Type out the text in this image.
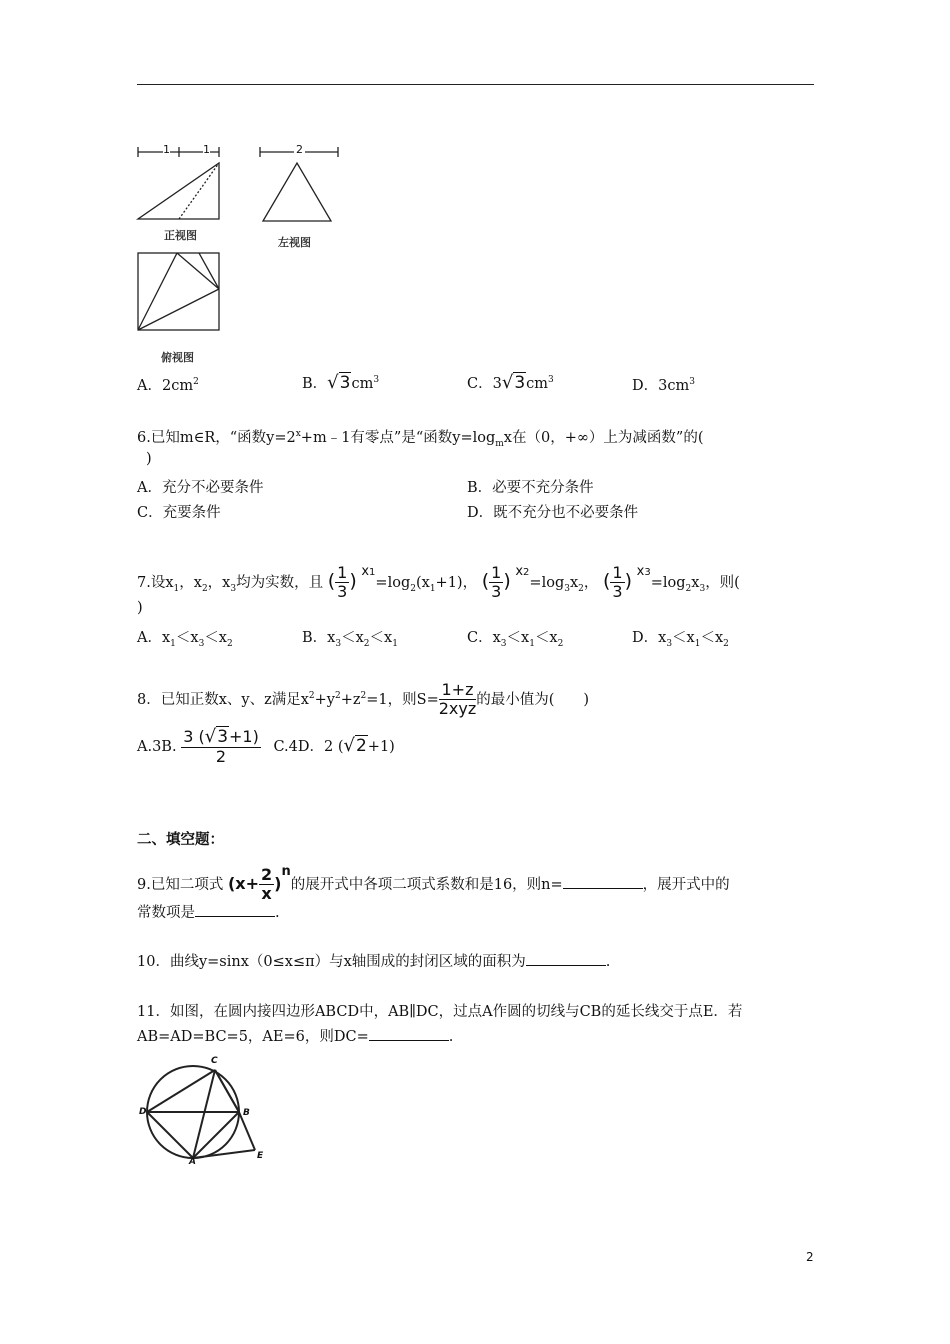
1	1	2
正视图
左视图
俯视图
A．$2cm^2$	B．$√3cm^3$	C．$3√3cm^3$	D．$3cm^3$
6.已知m∈R，“函数$y=2^x+m﹣1$有零点”是“函数$y=\log_mx$在（0，+∞）上为减函数”的(
)
A．充分不必要条件	B．必要不充分条件
C．充要条件	D．既不充分也不必要条件
7.设$x_1$，$x_2$，$x_3$均为实数，且 ( $\frac{1}{3}$ ) $x1=\log_2(x_1+1)$， ( $\frac{1}{3}$ ) $x2=\log_3x_2$， ( $\frac{1}{3}$ ) $x3=\log_2x_3$，则(
)
A．$x_1<x_3<x_2$	B．$x_3<x_2<x_1$	C．$x_3<x_1<x_2$	D．$x_3<x_1<x_2$
8．已知正数x、y、z满足$x^2+y^2+z^2=1$，则$S= \frac{1+z}{\text{2xyz}}$ 的最小值为(　　)
A.3B. $\frac{3 (√3+1)}{2} C.4D$．2 (√2+1)
二、填空题：
9.已知二项式 $(x+ \frac{2}{x} )n$的展开式中各项二项式系数和是16，则n=	，展开式中的
常数项是	.
10．曲线y=sinx（0≤x≤π）与x轴围成的封闭区域的面积为	.
11．如图，在圆内接四边形ABCD中，AB∥DC，过点A作圆的切线与CB的延长线交于点E．若
AB=AD=BC=5，AE=6，则DC=	.
C
D	B
A
E
2
